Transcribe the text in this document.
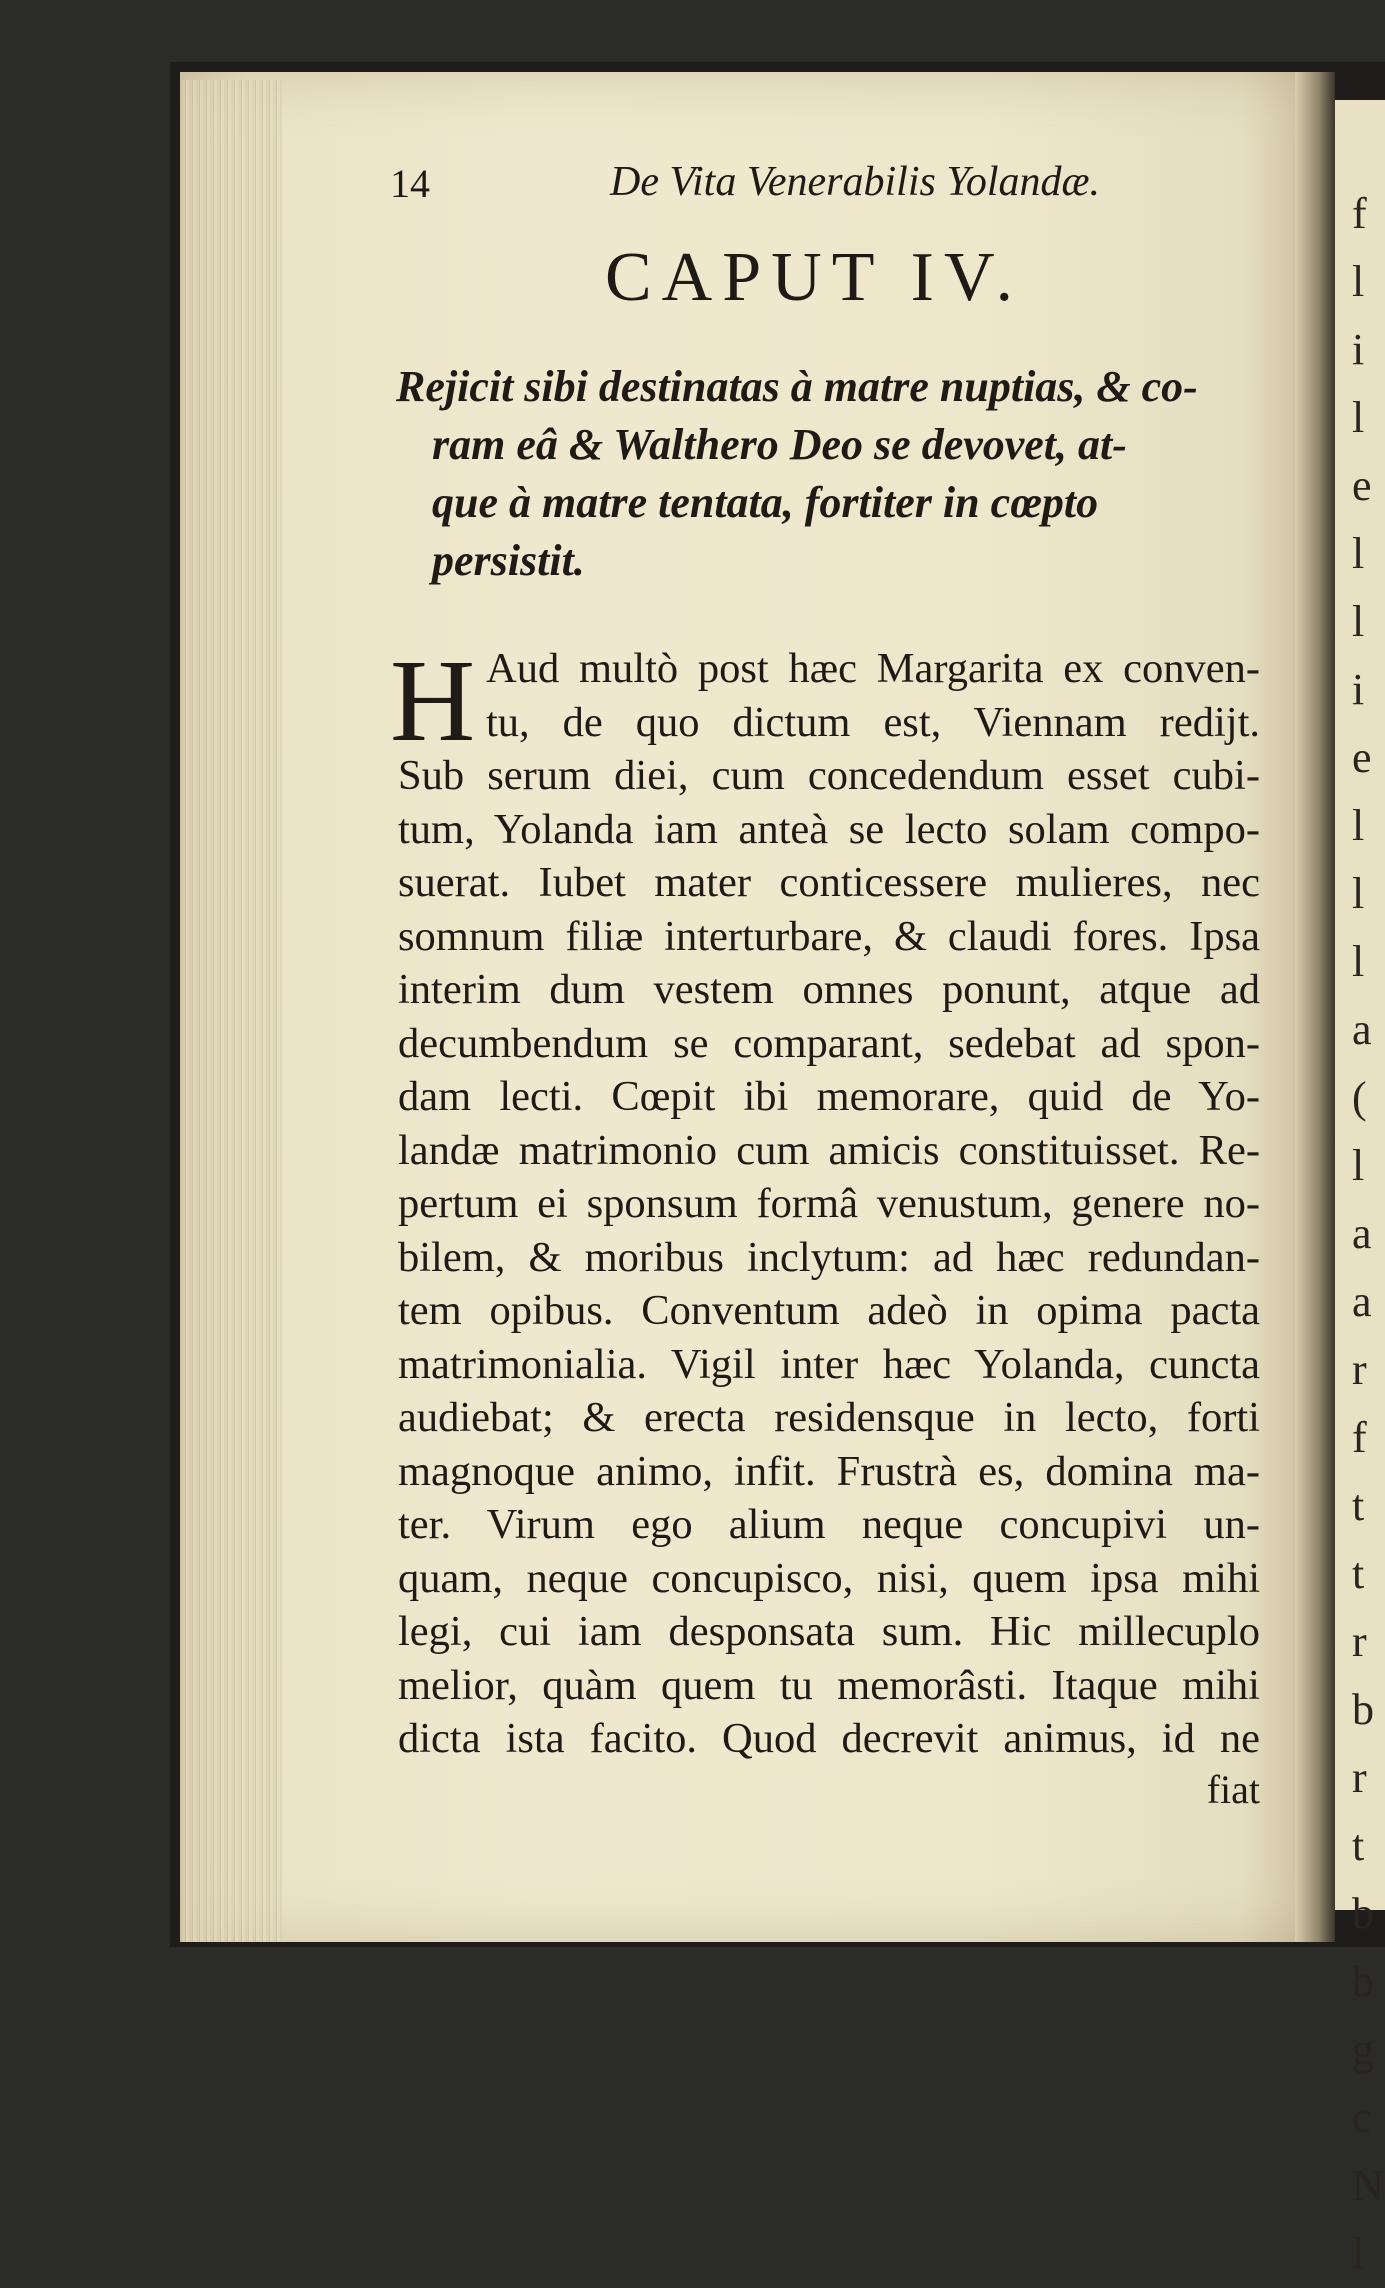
f
l
i
l
e
l
l
i
e
l
l
l
a
(
l
a
a
r
f
t
t
r
b
r
t
b
b
g
c
N
l
14	De Vita Venerabilis Yolandæ.
CAPUT IV.
Rejicit sibi destinatas à matre nuptias, & co-
ram eâ & Walthero Deo se devovet, at-
que à matre tentata, fortiter in cœpto
persistit.
H Aud multò post hæc Margarita ex conven-
tu, de quo dictum est, Viennam redijt.
Sub serum diei, cum concedendum esset cubi-
tum, Yolanda iam anteà se lecto solam compo-
suerat. Iubet mater conticessere mulieres, nec
somnum filiæ interturbare, & claudi fores. Ipsa
interim dum vestem omnes ponunt, atque ad
decumbendum se comparant, sedebat ad spon-
dam lecti. Cœpit ibi memorare, quid de Yo-
landæ matrimonio cum amicis constituisset. Re-
pertum ei sponsum formâ venustum, genere no-
bilem, & moribus inclytum: ad hæc redundan-
tem opibus. Conventum adeò in opima pacta
matrimonialia. Vigil inter hæc Yolanda, cuncta
audiebat; & erecta residensque in lecto, forti
magnoque animo, infit. Frustrà es, domina ma-
ter. Virum ego alium neque concupivi un-
quam, neque concupisco, nisi, quem ipsa mihi
legi, cui iam desponsata sum. Hic millecuplo
melior, quàm quem tu memorâsti. Itaque mihi
dicta ista facito. Quod decrevit animus, id ne
fiat
